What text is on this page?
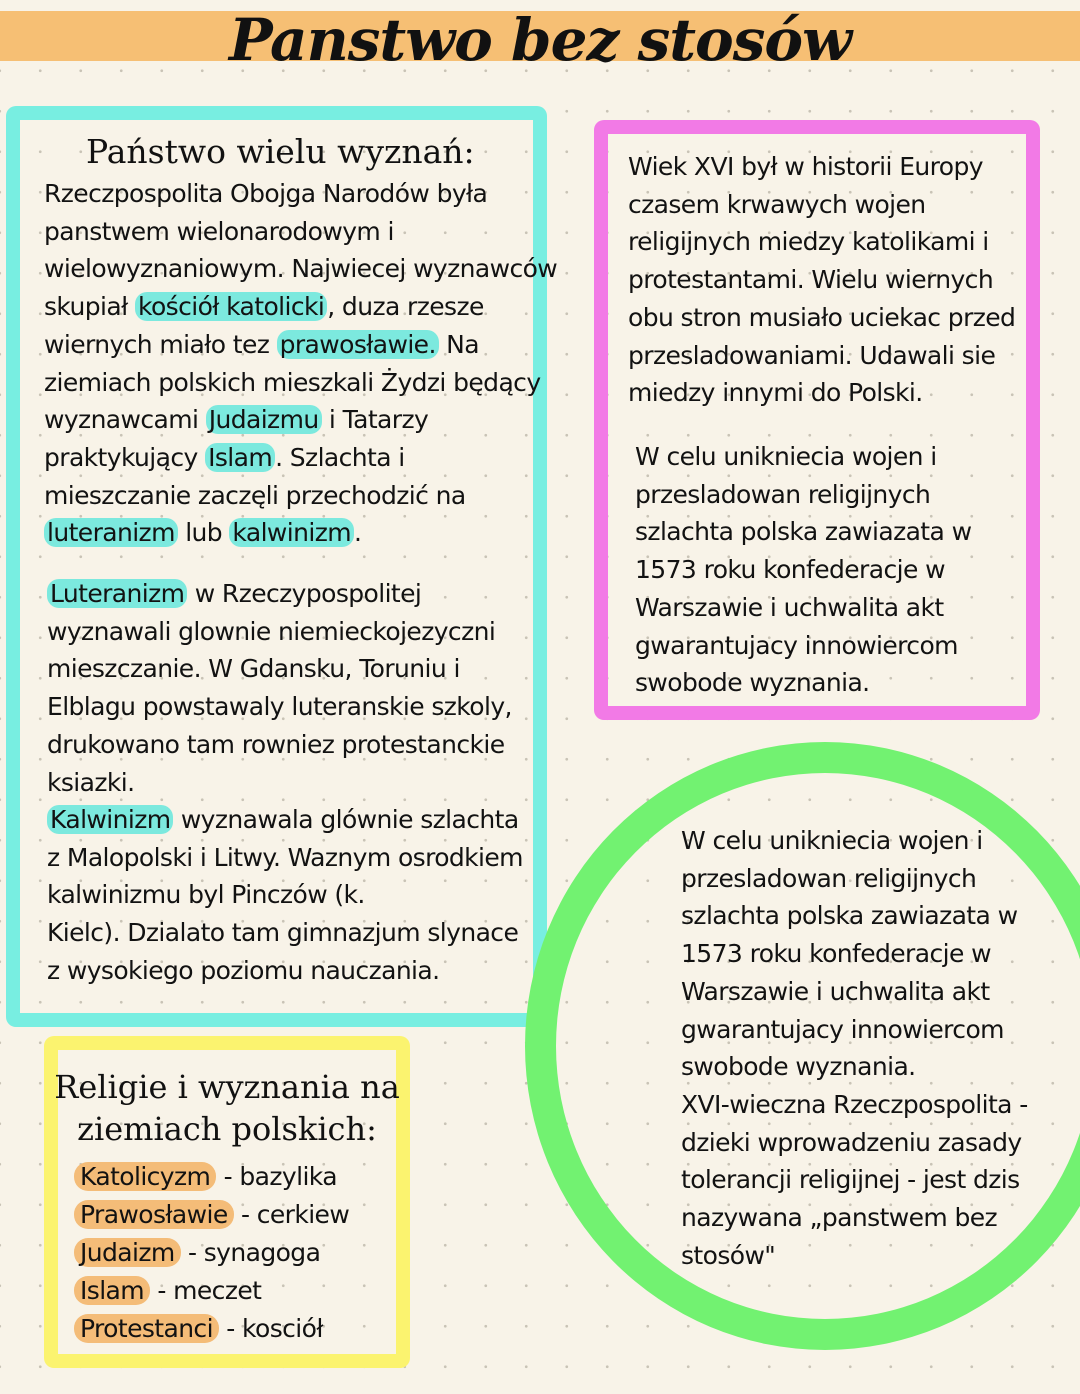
Panstwo bez stosów
Państwo wielu wyznań:
Rzeczpospolita Obojga Narodów była
panstwem wielonarodowym i
wielowyznaniowym. Najwiecej wyznawców
skupiał kościół katolicki , duza rzesze
wiernych miało tez prawosławie. Na
ziemiach polskich mieszkali Żydzi będący
wyznawcami Judaizmu i Tatarzy
praktykujący Islam . Szlachta i
mieszczanie zaczęli przechodzić na
luteranizm lub kalwinizm .
Luteranizm w Rzeczypospolitej
wyznawali glownie niemieckojezyczni
mieszczanie. W Gdansku, Toruniu i
Elblagu powstawaly luteranskie szkoly,
drukowano tam rowniez protestanckie
ksiazki.
Kalwinizm wyznawala glównie szlachta
z Malopolski i Litwy. Waznym osrodkiem
kalwinizmu byl Pinczów (k.
Kielc). Dzialato tam gimnazjum slynace
z wysokiego poziomu nauczania.
Wiek XVI był w historii Europy
czasem krwawych wojen
religijnych miedzy katolikami i
protestantami. Wielu wiernych
obu stron musiało uciekac przed
przesladowaniami. Udawali sie
miedzy innymi do Polski.
W celu unikniecia wojen i
przesladowan religijnych
szlachta polska zawiazata w
1573 roku konfederacje w
Warszawie i uchwalita akt
gwarantujacy innowiercom
swobode wyznania.
W celu unikniecia wojen i
przesladowan religijnych
szlachta polska zawiazata w
1573 roku konfederacje w
Warszawie i uchwalita akt
gwarantujacy innowiercom
swobode wyznania.
XVI-wieczna Rzeczpospolita -
dzieki wprowadzeniu zasady
tolerancji religijnej - jest dzis
nazywana „panstwem bez
stosów"
Religie i wyznania na
ziemiach polskich:
Katolicyzm - bazylika
Prawosławie - cerkiew
Judaizm - synagoga
Islam - meczet
Protestanci - kosciół
